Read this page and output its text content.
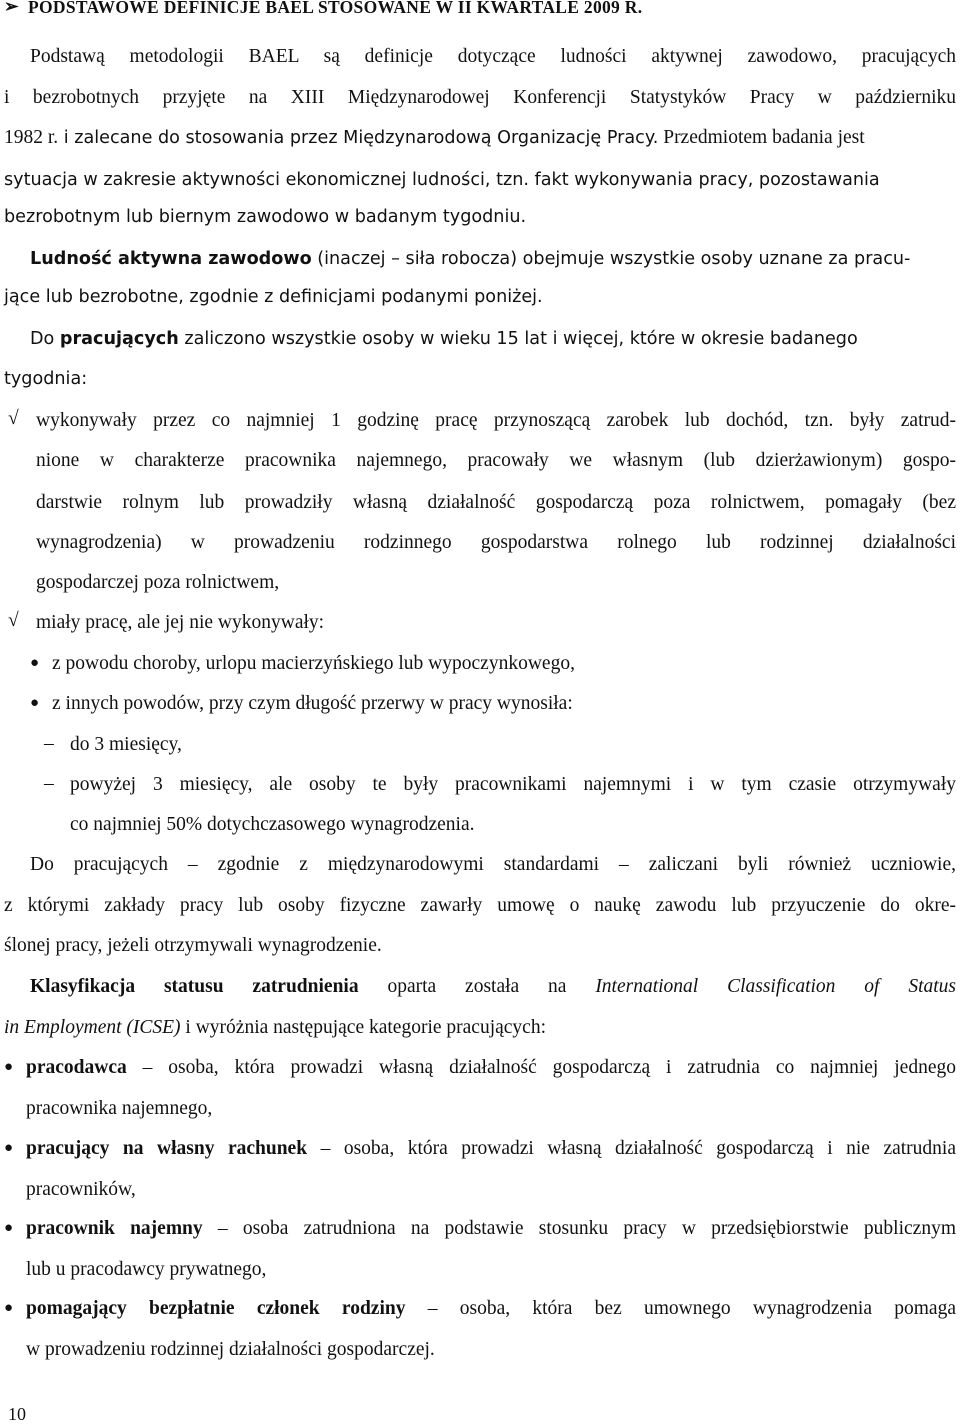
➢ PODSTAWOWE DEFINICJE BAEL STOSOWANE W II KWARTALE 2009 R.
Podstawą metodologii BAEL są definicje dotyczące ludności aktywnej zawodowo, pracujących
i bezrobotnych przyjęte na XIII Międzynarodowej Konferencji Statystyków Pracy w październiku
1982 r. i zalecane do stosowania przez Międzynarodową Organizację Pracy. Przedmiotem badania jest
sytuacja w zakresie aktywności ekonomicznej ludności, tzn. fakt wykonywania pracy, pozostawania
bezrobotnym lub biernym zawodowo w badanym tygodniu.
Ludność aktywna zawodowo (inaczej – siła robocza) obejmuje wszystkie osoby uznane za pracu-
jące lub bezrobotne, zgodnie z definicjami podanymi poniżej.
Do pracujących zaliczono wszystkie osoby w wieku 15 lat i więcej, które w okresie badanego
tygodnia:
√ wykonywały przez co najmniej 1 godzinę pracę przynoszącą zarobek lub dochód, tzn. były zatrud-
nione w charakterze pracownika najemnego, pracowały we własnym (lub dzierżawionym) gospo-
darstwie rolnym lub prowadziły własną działalność gospodarczą poza rolnictwem, pomagały (bez
wynagrodzenia) w prowadzeniu rodzinnego gospodarstwa rolnego lub rodzinnej działalności
gospodarczej poza rolnictwem,
√ miały pracę, ale jej nie wykonywały:
● z powodu choroby, urlopu macierzyńskiego lub wypoczynkowego,
● z innych powodów, przy czym długość przerwy w pracy wynosiła:
– do 3 miesięcy,
– powyżej 3 miesięcy, ale osoby te były pracownikami najemnymi i w tym czasie otrzymywały
co najmniej 50% dotychczasowego wynagrodzenia.
Do pracujących – zgodnie z międzynarodowymi standardami – zaliczani byli również uczniowie,
z którymi zakłady pracy lub osoby fizyczne zawarły umowę o naukę zawodu lub przyuczenie do okre-
ślonej pracy, jeżeli otrzymywali wynagrodzenie.
Klasyfikacja statusu zatrudnienia oparta została na International Classification of Status
in Employment (ICSE) i wyróżnia następujące kategorie pracujących:
● pracodawca – osoba, która prowadzi własną działalność gospodarczą i zatrudnia co najmniej jednego
pracownika najemnego,
● pracujący na własny rachunek – osoba, która prowadzi własną działalność gospodarczą i nie zatrudnia
pracowników,
● pracownik najemny – osoba zatrudniona na podstawie stosunku pracy w przedsiębiorstwie publicznym
lub u pracodawcy prywatnego,
● pomagający bezpłatnie członek rodziny – osoba, która bez umownego wynagrodzenia pomaga
w prowadzeniu rodzinnej działalności gospodarczej.
10
